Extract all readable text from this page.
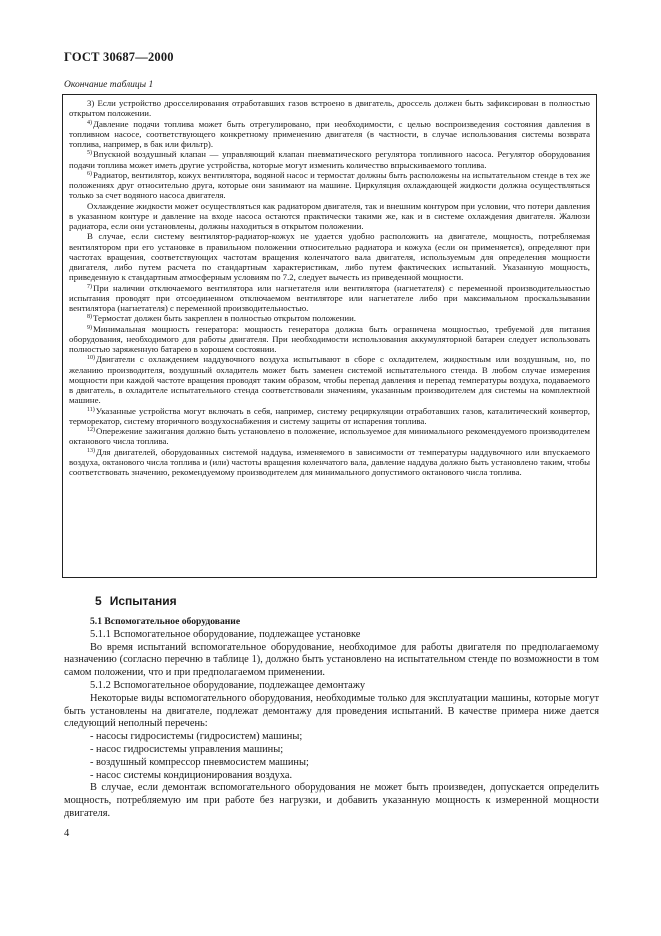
ГОСТ 30687—2000
Окончание таблицы 1

3) Если устройство дросселирования отработавших газов встроено в двигатель, дроссель должен быть зафиксирован в полностью открытом положении.

$^{4)}$Давление подачи топлива может быть отрегулировано, при необходимости, с целью воспроизведения состояния давления в топливном насосе, соответствующего конкретному применению двигателя (в частности, в случае использования системы возврата топлива, например, в бак или фильтр).

$^{5)}$Впускной воздушный клапан — управляющий клапан пневматического регулятора топливного насоса. Регулятор оборудования подачи топлива может иметь другие устройства, которые могут изменить количество впрыскиваемого топлива.

$^{6)}$Радиатор, вентилятор, кожух вентилятора, водяной насос и термостат должны быть расположены на испытательном стенде в тех же положениях друг относительно друга, которые они занимают на машине. Циркуляция охлаждающей жидкости должна осуществляться только за счет водяного насоса двигателя.

Охлаждение жидкости может осуществляться как радиатором двигателя, так и внешним контуром при условии, что потери давления в указанном контуре и давление на входе насоса остаются практически такими же, как и в системе охлаждения двигателя. Жалюзи радиатора, если они установлены, должны находиться в открытом положении.

В случае, если систему вентилятор-радиатор-кожух не удается удобно расположить на двигателе, мощность, потребляемая вентилятором при его установке в правильном положении относительно радиатора и кожуха (если он применяется), определяют при частотах вращения, соответствующих частотам вращения коленчатого вала двигателя, используемым для определения мощности двигателя, либо путем расчета по стандартным характеристикам, либо путем фактических испытаний. Указанную мощность, приведенную к стандартным атмосферным условиям по 7.2, следует вычесть из приведенной мощности.

$^{7)}$При наличии отключаемого вентилятора или нагнетателя или вентилятора (нагнетателя) с переменной производительностью испытания проводят при отсоединенном отключаемом вентиляторе или нагнетателе либо при максимальном проскальзывании вентилятора (нагнетателя) с переменной производительностью.

$^{8)}$Термостат должен быть закреплен в полностью открытом положении.

$^{9)}$Минимальная мощность генератора: мощность генератора должна быть ограничена мощностью, требуемой для питания оборудования, необходимого для работы двигателя. При необходимости использования аккумуляторной батареи следует использовать полностью заряженную батарею в хорошем состоянии.

$^{10)}$Двигатели с охлаждением наддувочного воздуха испытывают в сборе с охладителем, жидкостным или воздушным, но, по желанию производителя, воздушный охладитель может быть заменен системой испытательного стенда. В любом случае измерения мощности при каждой частоте вращения проводят таким образом, чтобы перепад давления и перепад температуры воздуха, подаваемого в двигатель, в охладителе испытательного стенда соответствовали значениям, указанным производителем для системы на комплектной машине.

$^{11)}$Указанные устройства могут включать в себя, например, систему рециркуляции отработавших газов, каталитический конвертор, терморекатор, систему вторичного воздухоснабжения и систему защиты от испарения топлива.

$^{12)}$Опережение зажигания должно быть установлено в положение, используемое для минимального рекомендуемого производителем октанового числа топлива.

$^{13)}$Для двигателей, оборудованных системой наддува, изменяемого в зависимости от температуры наддувочного или впускаемого воздуха, октанового числа топлива и (или) частоты вращения коленчатого вала, давление наддува должно быть установлено таким, чтобы соответствовать значению, рекомендуемому производителем для минимального допустимого октанового числа топлива.

5 Испытания

5.1 Вспомогательное оборудование

5.1.1 Вспомогательное оборудование, подлежащее установке

Во время испытаний вспомогательное оборудование, необходимое для работы двигателя по предполагаемому назначению (согласно перечню в таблице 1), должно быть установлено на испытательном стенде по возможности в том самом положении, что и при предполагаемом применении.

5.1.2 Вспомогательное оборудование, подлежащее демонтажу

Некоторые виды вспомогательного оборудования, необходимые только для эксплуатации машины, которые могут быть установлены на двигателе, подлежат демонтажу для проведения испытаний. В качестве примера ниже дается следующий неполный перечень:

- насосы гидросистемы (гидросистем) машины;
- насос гидросистемы управления машины;
- воздушный компрессор пневмосистем машины;
- насос системы кондиционирования воздуха.

В случае, если демонтаж вспомогательного оборудования не может быть произведен, допускается определить мощность, потребляемую им при работе без нагрузки, и добавить указанную мощность к измеренной мощности двигателя.

4
